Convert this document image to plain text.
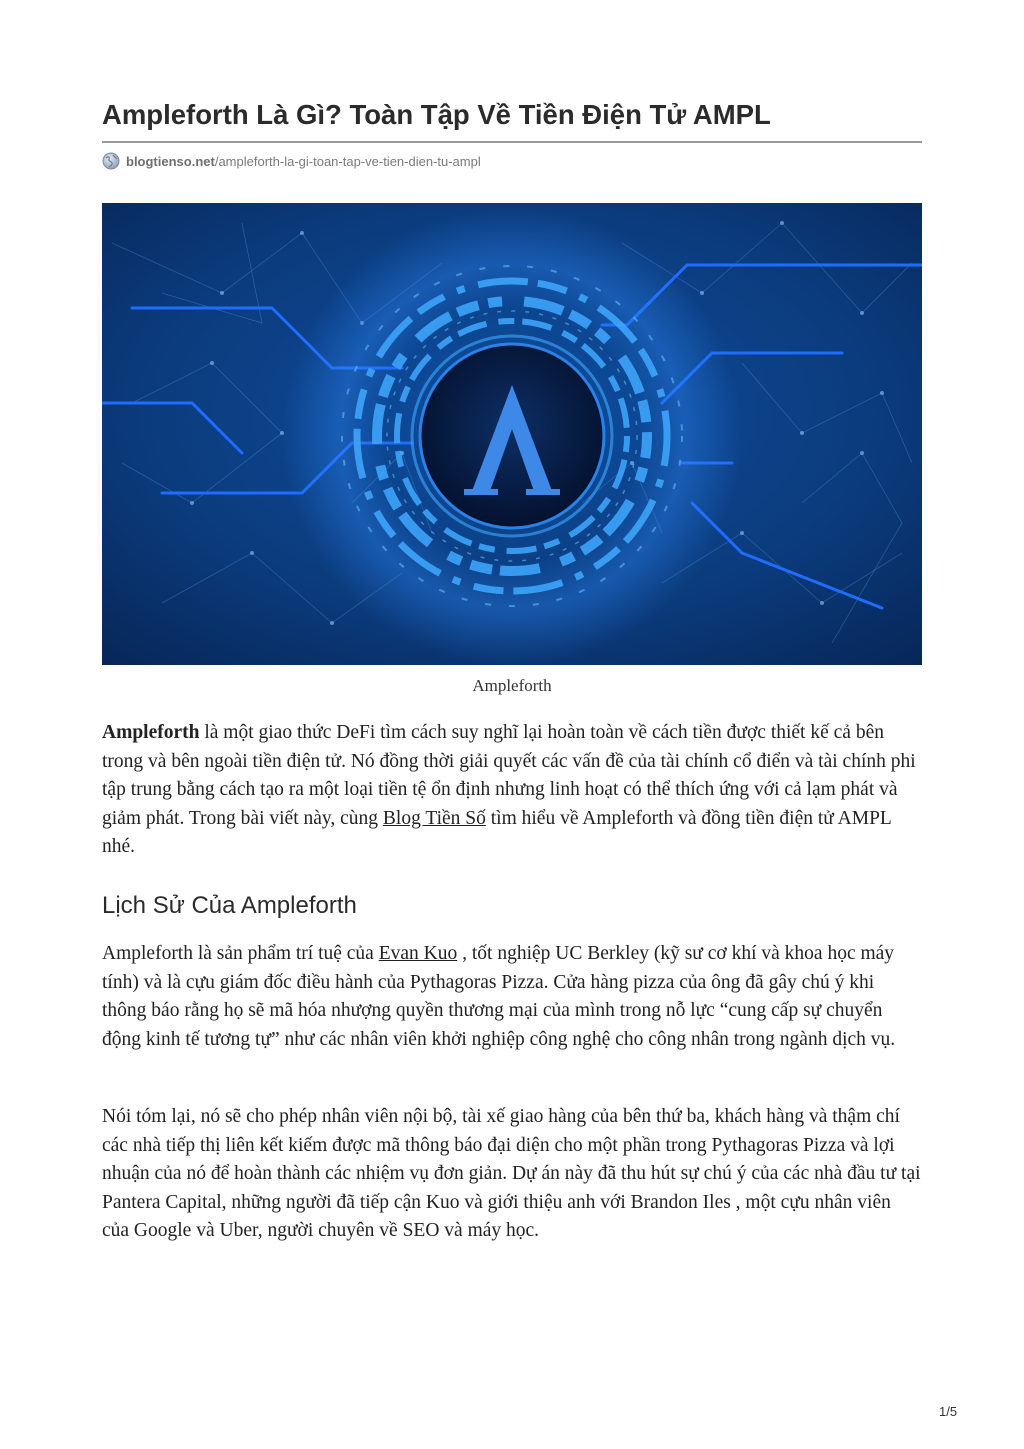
Ampleforth Là Gì? Toàn Tập Về Tiền Điện Tử AMPL
blogtienso.net /ampleforth-la-gi-toan-tap-ve-tien-dien-tu-ampl
Ampleforth

Ampleforth là một giao thức DeFi tìm cách suy nghĩ lại hoàn toàn về cách tiền được thiết kế cả bên trong và bên ngoài tiền điện tử. Nó đồng thời giải quyết các vấn đề của tài chính cổ điển và tài chính phi tập trung bằng cách tạo ra một loại tiền tệ ổn định nhưng linh hoạt có thể thích ứng với cả lạm phát và giảm phát. Trong bài viết này, cùng Blog Tiền Số tìm hiểu về Ampleforth và đồng tiền điện tử AMPL nhé.

Lịch Sử Của Ampleforth

Ampleforth là sản phẩm trí tuệ của Evan Kuo , tốt nghiệp UC Berkley (kỹ sư cơ khí và khoa học máy tính) và là cựu giám đốc điều hành của Pythagoras Pizza. Cửa hàng pizza của ông đã gây chú ý khi thông báo rằng họ sẽ mã hóa nhượng quyền thương mại của mình trong nỗ lực “cung cấp sự chuyển động kinh tế tương tự” như các nhân viên khởi nghiệp công nghệ cho công nhân trong ngành dịch vụ.

Nói tóm lại, nó sẽ cho phép nhân viên nội bộ, tài xế giao hàng của bên thứ ba, khách hàng và thậm chí các nhà tiếp thị liên kết kiếm được mã thông báo đại diện cho một phần trong Pythagoras Pizza và lợi nhuận của nó để hoàn thành các nhiệm vụ đơn giản. Dự án này đã thu hút sự chú ý của các nhà đầu tư tại Pantera Capital, những người đã tiếp cận Kuo và giới thiệu anh với Brandon Iles , một cựu nhân viên của Google và Uber, người chuyên về SEO và máy học.

1/5
